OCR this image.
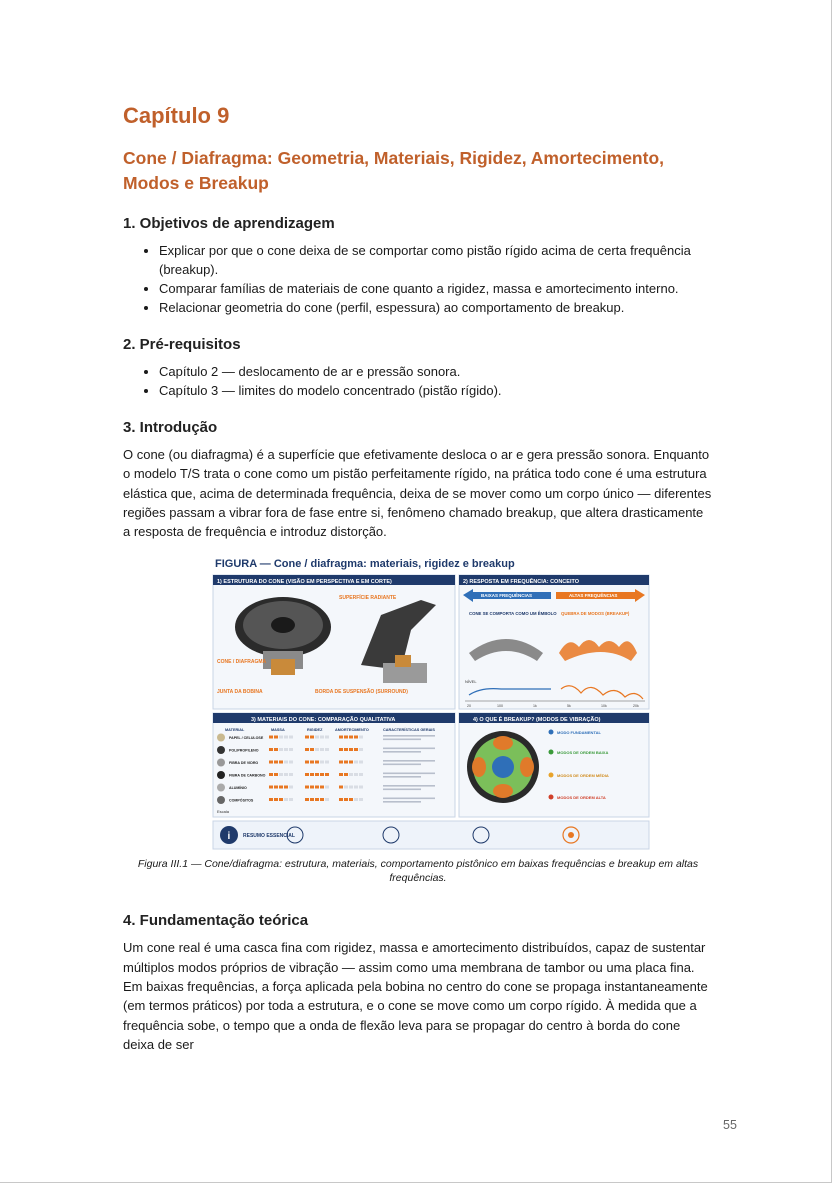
Capítulo 9
Cone / Diafragma: Geometria, Materiais, Rigidez, Amortecimento, Modos e Breakup
1. Objetivos de aprendizagem
• Explicar por que o cone deixa de se comportar como pistão rígido acima de certa frequência (breakup).
• Comparar famílias de materiais de cone quanto a rigidez, massa e amortecimento interno.
• Relacionar geometria do cone (perfil, espessura) ao comportamento de breakup.
2. Pré-requisitos
• Capítulo 2 — deslocamento de ar e pressão sonora.
• Capítulo 3 — limites do modelo concentrado (pistão rígido).
3. Introdução

O cone (ou diafragma) é a superfície que efetivamente desloca o ar e gera pressão sonora. Enquanto o modelo T/S trata o cone como um pistão perfeitamente rígido, na prática todo cone é uma estrutura elástica que, acima de determinada frequência, deixa de se mover como um corpo único — diferentes regiões passam a vibrar fora de fase entre si, fenômeno chamado breakup, que altera drasticamente a resposta de frequência e introduz distorção.

FIGURA — Cone / diafragma: materiais, rigidez e breakup
1) ESTRUTURA DO CONE (VISÃO EM PERSPECTIVA E EM CORTE)
SUPERFÍCIE RADIANTE
CONE / DIAFRAGMA
JUNTA DA BOBINA	BORDA DE SUSPENSÃO (SURROUND)
2) RESPOSTA EM FREQUÊNCIA: CONCEITO
BAIXAS FREQUÊNCIAS	ALTAS FREQUÊNCIAS
CONE SE COMPORTA COMO UM ÊMBOLO QUEBRA DE MODOS (BREAKUP)
NÍVEL
20	100	1k	5k	10k	20k
3) MATERIAIS DO CONE: COMPARAÇÃO QUALITATIVA
MATERIAL	MASSA	RIGIDEZ	AMORTECIMENTO	CARACTERÍSTICAS GERAIS
PAPEL / CELULOSE
POLIPROPILENO
FIBRA DE VIDRO
FIBRA DE CARBONO
ALUMÍNIO
COMPÓSITOS
Escala
4) O QUE É BREAKUP? (MODOS DE VIBRAÇÃO)
MODO FUNDAMENTAL
MODOS DE ORDEM BAIXA
MODOS DE ORDEM MÉDIA
MODOS DE ORDEM ALTA
i	RESUMO ESSENCIAL
Figura III.1 — Cone/diafragma: estrutura, materiais, comportamento pistônico em baixas frequências e breakup em altas frequências.
4. Fundamentação teórica

Um cone real é uma casca fina com rigidez, massa e amortecimento distribuídos, capaz de sustentar múltiplos modos próprios de vibração — assim como uma membrana de tambor ou uma placa fina. Em baixas frequências, a força aplicada pela bobina no centro do cone se propaga instantaneamente (em termos práticos) por toda a estrutura, e o cone se move como um corpo rígido. À medida que a frequência sobe, o tempo que a onda de flexão leva para se propagar do centro à borda do cone deixa de ser

55
